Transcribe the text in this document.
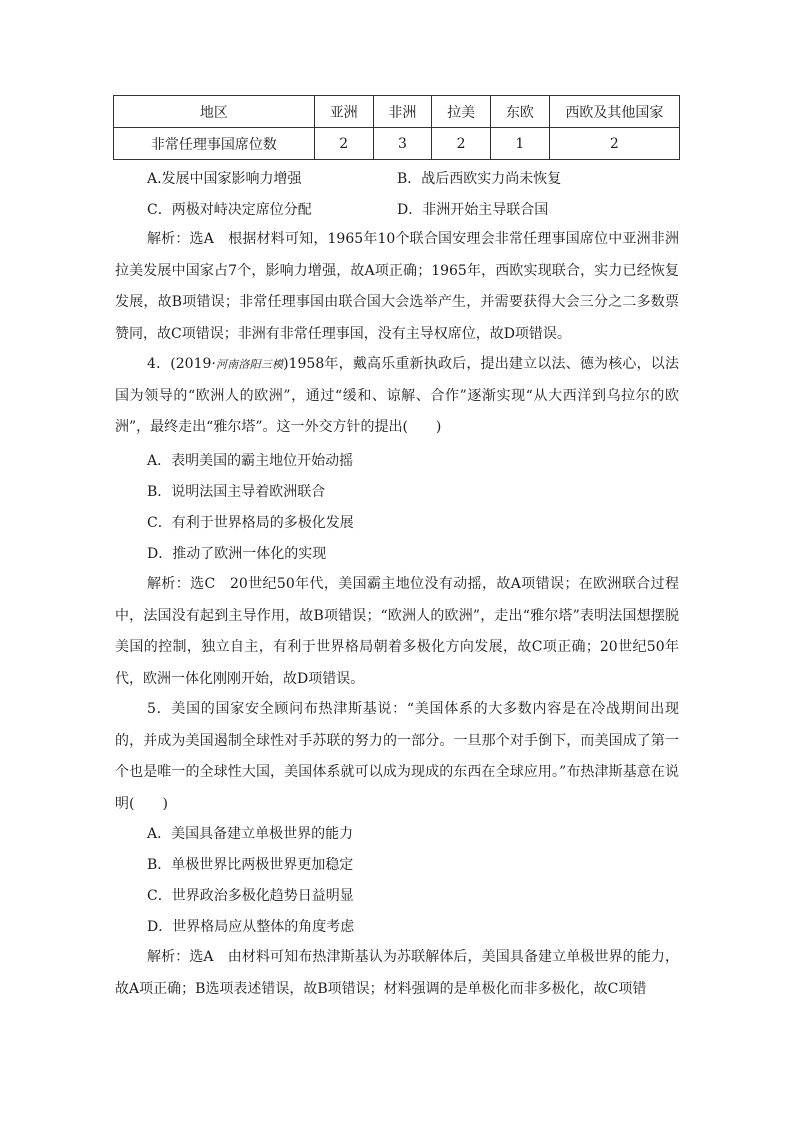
地区	亚洲	非洲	拉美	东欧	西欧及其他国家
非常任理事国席位数	2	3	2	1	2
A.发展中国家影响力增强	B．战后西欧实力尚未恢复
C．两极对峙决定席位分配	D．非洲开始主导联合国
解析：选A　根据材料可知，1965年10个联合国安理会非常任理事国席位中亚洲非洲拉美发展中国家占7个，影响力增强，故A项正确；1965年，西欧实现联合，实力已经恢复发展，故B项错误；非常任理事国由联合国大会选举产生，并需要获得大会三分之二多数票赞同，故C项错误；非洲有非常任理事国，没有主导权席位，故D项错误。
4．(2019·河南洛阳三模)1958年，戴高乐重新执政后，提出建立以法、德为核心，以法国为领导的“欧洲人的欧洲”，通过“缓和、谅解、合作”逐渐实现“从大西洋到乌拉尔的欧洲”，最终走出“雅尔塔”。这一外交方针的提出(　　)
A．表明美国的霸主地位开始动摇
B．说明法国主导着欧洲联合
C．有利于世界格局的多极化发展
D．推动了欧洲一体化的实现
解析：选C　20世纪50年代，美国霸主地位没有动摇，故A项错误；在欧洲联合过程中，法国没有起到主导作用，故B项错误；“欧洲人的欧洲”，走出“雅尔塔”表明法国想摆脱美国的控制，独立自主，有利于世界格局朝着多极化方向发展，故C项正确；20世纪50年代，欧洲一体化刚刚开始，故D项错误。
5．美国的国家安全顾问布热津斯基说：“美国体系的大多数内容是在冷战期间出现的，并成为美国遏制全球性对手苏联的努力的一部分。一旦那个对手倒下，而美国成了第一个也是唯一的全球性大国，美国体系就可以成为现成的东西在全球应用。”布热津斯基意在说明(　　)
A．美国具备建立单极世界的能力
B．单极世界比两极世界更加稳定
C．世界政治多极化趋势日益明显
D．世界格局应从整体的角度考虑
解析：选A　由材料可知布热津斯基认为苏联解体后，美国具备建立单极世界的能力，故A项正确；B选项表述错误，故B项错误；材料强调的是单极化而非多极化，故C项错
